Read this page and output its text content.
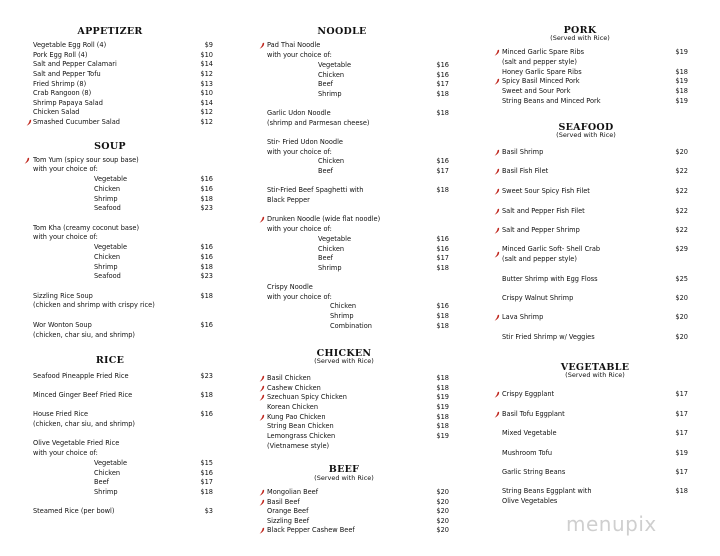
APPETIZER
Vegetable Egg Roll (4)	$9
Pork Egg Roll (4)	$10
Salt and Pepper Calamari	$14
Salt and Pepper Tofu	$12
Fried Shrimp (8)	$13
Crab Rangoon (8)	$10
Shrimp Papaya Salad	$14
Chicken Salad	$12
Smashed Cucumber Salad	$12
SOUP
Tom Yum (spicy sour soup base)
with your choice of:
Vegetable	$16
Chicken	$16
Shrimp	$18
Seafood	$23
Tom Kha (creamy coconut base)
with your choice of:
Vegetable	$16
Chicken	$16
Shrimp	$18
Seafood	$23
Sizzling Rice Soup	$18
(chicken and shrimp with crispy rice)
Wor Wonton Soup	$16
(chicken, char siu, and shrimp)
RICE
Seafood Pineapple Fried Rice	$23
Minced Ginger Beef Fried Rice	$18
House Fried Rice	$16
(chicken, char siu, and shrimp)
Olive Vegetable Fried Rice
with your choice of:
Vegetable	$15
Chicken	$16
Beef	$17
Shrimp	$18
Steamed Rice (per bowl)	$3
NOODLE
Pad Thai Noodle
with your choice of:
Vegetable	$16
Chicken	$16
Beef	$17
Shrimp	$18
Garlic Udon Noodle	$18
(shrimp and Parmesan cheese)
Stir- Fried Udon Noodle
with your choice of:
Chicken	$16
Beef	$17
Stir-Fried Beef Spaghetti with	$18
Black Pepper
Drunken Noodle (wide flat noodle)
with your choice of:
Vegetable	$16
Chicken	$16
Beef	$17
Shrimp	$18
Crispy Noodle
with your choice of:
Chicken	$16
Shrimp	$18
Combination	$18
CHICKEN
(Served with Rice)
Basil Chicken	$18
Cashew Chicken	$18
Szechuan Spicy Chicken	$19
Korean Chicken	$19
Kung Pao Chicken	$18
String Bean Chicken	$18
Lemongrass Chicken	$19
(Vietnamese style)
BEEF
(Served with Rice)
Mongolian Beef	$20
Basil Beef	$20
Orange Beef	$20
Sizzling Beef	$20
Black Pepper Cashew Beef	$20
PORK
(Served with Rice)
Minced Garlic Spare Ribs	$19
(salt and pepper style)
Honey Garlic Spare Ribs	$18
Spicy Basil Minced Pork	$19
Sweet and Sour Pork	$18
String Beans and Minced Pork	$19
SEAFOOD
(Served with Rice)
Basil Shrimp	$20
Basil Fish Filet	$22
Sweet Sour Spicy Fish Filet	$22
Salt and Pepper Fish Filet	$22
Salt and Pepper Shrimp	$22
Minced Garlic Soft- Shell Crab	$29
(salt and pepper style)
Butter Shrimp with Egg Floss	$25
Crispy Walnut Shrimp	$20
Lava Shrimp	$20
Stir Fried Shrimp w/ Veggies	$20
VEGETABLE
(Served with Rice)
Crispy Eggplant	$17
Basil Tofu Eggplant	$17
Mixed Vegetable	$17
Mushroom Tofu	$19
Garlic String Beans	$17
String Beans Eggplant with	$18
Olive Vegetables
menupix
